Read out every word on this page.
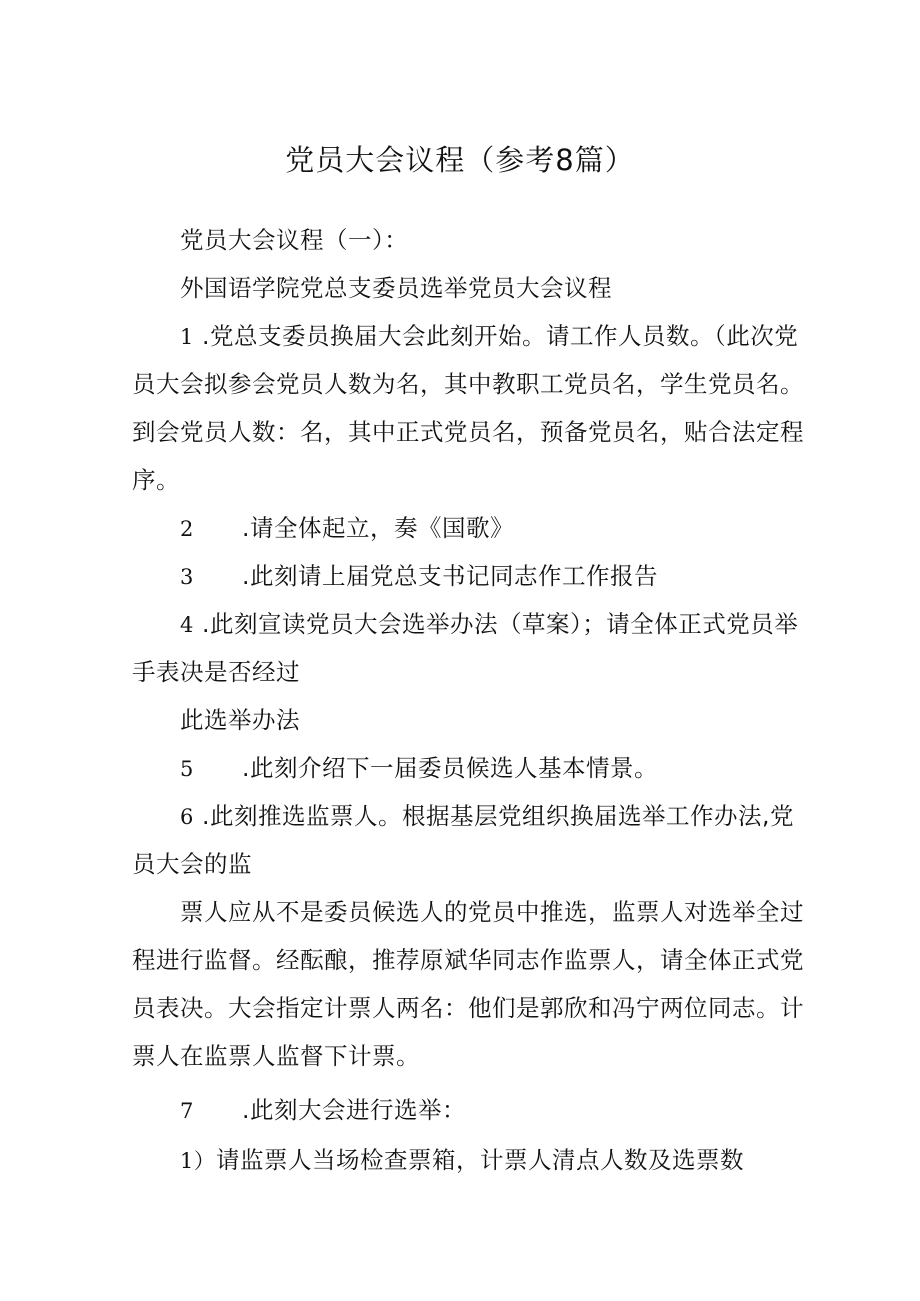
党员大会议程（参考8篇）
党员大会议程（一）：
外国语学院党总支委员选举党员大会议程
1 .党总支委员换届大会此刻开始。请工作人员数。（此次党
员大会拟参会党员人数为名，其中教职工党员名，学生党员名。
到会党员人数：名，其中正式党员名，预备党员名，贴合法定程
序。
2 .请全体起立，奏《国歌》
3 .此刻请上届党总支书记同志作工作报告
4 .此刻宣读党员大会选举办法（草案）；请全体正式党员举
手表决是否经过
此选举办法
5 .此刻介绍下一届委员候选人基本情景。
6 .此刻推选监票人。根据基层党组织换届选举工作办法,党
员大会的监
票人应从不是委员候选人的党员中推选，监票人对选举全过
程进行监督。经酝酿，推荐原斌华同志作监票人，请全体正式党
员表决。大会指定计票人两名：他们是郭欣和冯宁两位同志。计
票人在监票人监督下计票。
7 .此刻大会进行选举：
1）请监票人当场检查票箱，计票人清点人数及选票数
